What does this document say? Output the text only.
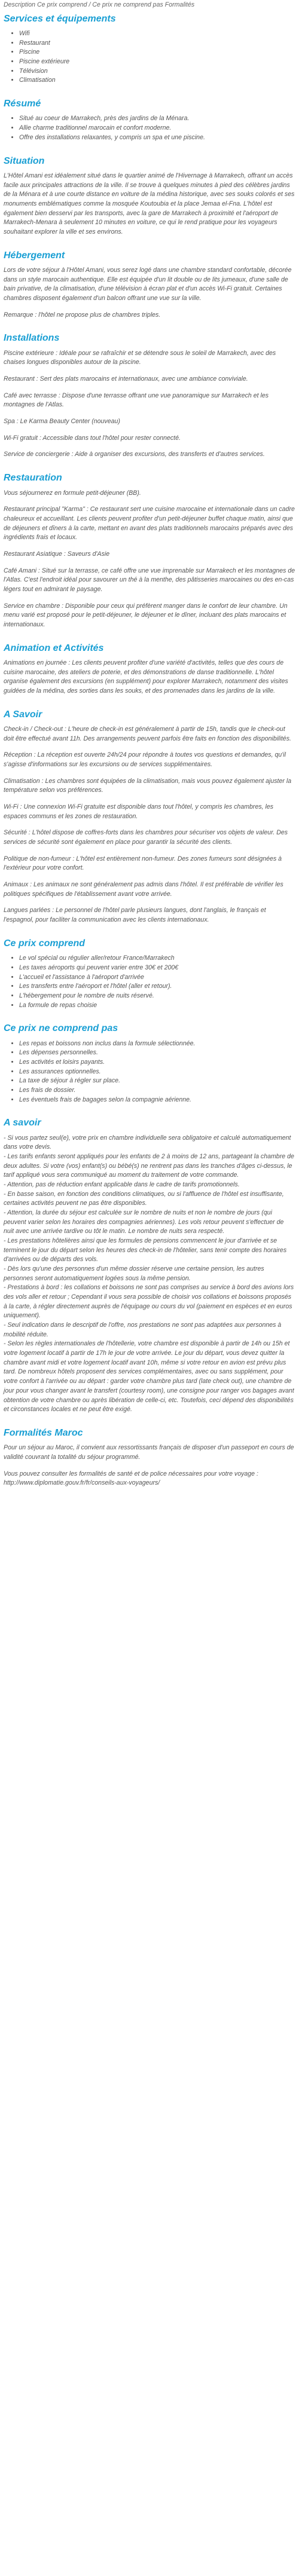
Description Ce prix comprend / Ce prix ne comprend pas Formalités
Services et équipements
• Wifi
• Restaurant
• Piscine
• Piscine extérieure
• Télévision
• Climatisation
Résumé
• Situé au coeur de Marrakech, près des jardins de la Ménara.
• Allie charme traditionnel marocain et confort moderne.
• Offre des installations relaxantes, y compris un spa et une piscine.
Situation

L'Hôtel Amani est idéalement situé dans le quartier animé de l'Hivernage à Marrakech, offrant un accès facile aux principales attractions de la ville. Il se trouve à quelques minutes à pied des célèbres jardins de la Ménara et à une courte distance en voiture de la médina historique, avec ses souks colorés et ses monuments emblématiques comme la mosquée Koutoubia et la place Jemaa el-Fna. L'hôtel est également bien desservi par les transports, avec la gare de Marrakech à proximité et l'aéroport de Marrakech-Menara à seulement 10 minutes en voiture, ce qui le rend pratique pour les voyageurs souhaitant explorer la ville et ses environs.

Hébergement

Lors de votre séjour à l'Hôtel Amani, vous serez logé dans une chambre standard confortable, décorée dans un style marocain authentique. Elle est équipée d'un lit double ou de lits jumeaux, d'une salle de bain privative, de la climatisation, d'une télévision à écran plat et d'un accès Wi-Fi gratuit. Certaines chambres disposent également d'un balcon offrant une vue sur la ville.

Remarque : l'hôtel ne propose plus de chambres triples.

Installations

Piscine extérieure : Idéale pour se rafraîchir et se détendre sous le soleil de Marrakech, avec des chaises longues disponibles autour de la piscine.

Restaurant : Sert des plats marocains et internationaux, avec une ambiance conviviale.

Café avec terrasse : Dispose d'une terrasse offrant une vue panoramique sur Marrakech et les montagnes de l'Atlas.

Spa : Le Karma Beauty Center (nouveau)

Wi-Fi gratuit : Accessible dans tout l'hôtel pour rester connecté.

Service de conciergerie : Aide à organiser des excursions, des transferts et d'autres services.

Restauration

Vous séjournerez en formule petit-déjeuner (BB).

Restaurant principal "Karma" : Ce restaurant sert une cuisine marocaine et internationale dans un cadre chaleureux et accueillant. Les clients peuvent profiter d'un petit-déjeuner buffet chaque matin, ainsi que de déjeuners et dîners à la carte, mettant en avant des plats traditionnels marocains préparés avec des ingrédients frais et locaux.

Restaurant Asiatique : Saveurs d'Asie

Café Amani : Situé sur la terrasse, ce café offre une vue imprenable sur Marrakech et les montagnes de l'Atlas. C'est l'endroit idéal pour savourer un thé à la menthe, des pâtisseries marocaines ou des en-cas légers tout en admirant le paysage.

Service en chambre : Disponible pour ceux qui préfèrent manger dans le confort de leur chambre. Un menu varié est proposé pour le petit-déjeuner, le déjeuner et le dîner, incluant des plats marocains et internationaux.

Animation et Activités

Animations en journée : Les clients peuvent profiter d'une variété d'activités, telles que des cours de cuisine marocaine, des ateliers de poterie, et des démonstrations de danse traditionnelle. L'hôtel organise également des excursions (en supplément) pour explorer Marrakech, notamment des visites guidées de la médina, des sorties dans les souks, et des promenades dans les jardins de la ville.

A Savoir

Check-in / Check-out : L'heure de check-in est généralement à partir de 15h, tandis que le check-out doit être effectué avant 11h. Des arrangements peuvent parfois être faits en fonction des disponibilités.

Réception : La réception est ouverte 24h/24 pour répondre à toutes vos questions et demandes, qu'il s'agisse d'informations sur les excursions ou de services supplémentaires.

Climatisation : Les chambres sont équipées de la climatisation, mais vous pouvez également ajuster la température selon vos préférences.

Wi-Fi : Une connexion Wi-Fi gratuite est disponible dans tout l'hôtel, y compris les chambres, les espaces communs et les zones de restauration.

Sécurité : L'hôtel dispose de coffres-forts dans les chambres pour sécuriser vos objets de valeur. Des services de sécurité sont également en place pour garantir la sécurité des clients.

Politique de non-fumeur : L'hôtel est entièrement non-fumeur. Des zones fumeurs sont désignées à l'extérieur pour votre confort.

Animaux : Les animaux ne sont généralement pas admis dans l'hôtel. Il est préférable de vérifier les politiques spécifiques de l'établissement avant votre arrivée.

Langues parlées : Le personnel de l'hôtel parle plusieurs langues, dont l'anglais, le français et l'espagnol, pour faciliter la communication avec les clients internationaux.

Ce prix comprend
• Le vol spécial ou régulier aller/retour France/Marrakech
• Les taxes aéroports qui peuvent varier entre 30€ et 200€
• L'accueil et l'assistance à l'aéroport d'arrivée
• Les transferts entre l'aéroport et l'hôtel (aller et retour).
• L'hébergement pour le nombre de nuits réservé.
• La formule de repas choisie
Ce prix ne comprend pas
• Les repas et boissons non inclus dans la formule sélectionnée.
• Les dépenses personnelles.
• Les activités et loisirs payants.
• Les assurances optionnelles.
• La taxe de séjour à régler sur place.
• Les frais de dossier.
• Les éventuels frais de bagages selon la compagnie aérienne.
A savoir

- Si vous partez seul(e), votre prix en chambre individuelle sera obligatoire et calculé automatiquement dans votre devis.
- Les tarifs enfants seront appliqués pour les enfants de 2 à moins de 12 ans, partageant la chambre de deux adultes. Si votre (vos) enfant(s) ou bébé(s) ne rentrent pas dans les tranches d'âges ci-dessus, le tarif appliqué vous sera communiqué au moment du traitement de votre commande.
- Attention, pas de réduction enfant applicable dans le cadre de tarifs promotionnels.
- En basse saison, en fonction des conditions climatiques, ou si l'affluence de l'hôtel est insuffisante, certaines activités peuvent ne pas être disponibles.
- Attention, la durée du séjour est calculée sur le nombre de nuits et non le nombre de jours (qui peuvent varier selon les horaires des compagnies aériennes). Les vols retour peuvent s'effectuer de nuit avec une arrivée tardive ou tôt le matin. Le nombre de nuits sera respecté.
- Les prestations hôtelières ainsi que les formules de pensions commencent le jour d'arrivée et se terminent le jour du départ selon les heures des check-in de l'hôtelier, sans tenir compte des horaires d'arrivées ou de départs des vols.
- Dès lors qu'une des personnes d'un même dossier réserve une certaine pension, les autres personnes seront automatiquement logées sous la même pension.
- Prestations à bord : les collations et boissons ne sont pas comprises au service à bord des avions lors des vols aller et retour ; Cependant il vous sera possible de choisir vos collations et boissons proposés à la carte, à régler directement auprès de l'équipage ou cours du vol (paiement en espèces et en euros uniquement).
- Seul indication dans le descriptif de l'offre, nos prestations ne sont pas adaptées aux personnes à mobilité réduite.
- Selon les règles internationales de l'hôtellerie, votre chambre est disponible à partir de 14h ou 15h et votre logement locatif à partir de 17h le jour de votre arrivée. Le jour du départ, vous devez quitter la chambre avant midi et votre logement locatif avant 10h, même si votre retour en avion est prévu plus tard. De nombreux hôtels proposent des services complémentaires, avec ou sans supplément, pour votre confort à l'arrivée ou au départ : garder votre chambre plus tard (late check out), une chambre de jour pour vous changer avant le transfert (courtesy room), une consigne pour ranger vos bagages avant obtention de votre chambre ou après libération de celle-ci, etc. Toutefois, ceci dépend des disponibilités et circonstances locales et ne peut être exigé.

Formalités Maroc

Pour un séjour au Maroc, il convient aux ressortissants français de disposer d'un passeport en cours de validité couvrant la totalité du séjour programmé.

Vous pouvez consulter les formalités de santé et de police nécessaires pour votre voyage : http://www.diplomatie.gouv.fr/fr/conseils-aux-voyageurs/
